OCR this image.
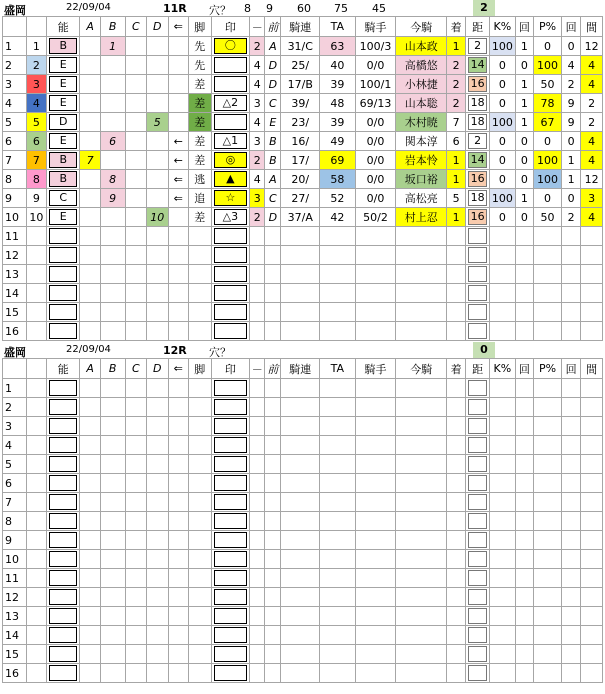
盛岡	22/09/04	11R 穴？ 8 9 60 75 45	2
		能	A	B	C	D	⇐	脚	印	－	前	騎連	TA	騎手	今騎	着	距	K%	回	P%	回	間
1	1	B		1				先	〇	2	A	31/C	63	100/3	山本政	1	2	100	1	0	0	12
2	2	E						先		4	D	25/	40	0/0	高橋悠	2	14	0	0	100	4	4
3	3	E						差		4	D	17/B	39	100/1	小林捷	2	16	0	1	50	2	4
4	4	E						差	△2	3	C	39/	48	69/13	山本聡	2	18	0	1	78	9	2
5	5	D				5		差		4	E	23/	39	0/0	木村暁	7	18	100	1	67	9	2
6	6	E		6			←	差	△1	3	B	16/	49	0/0	関本淳	6	2	0	0	0	0	4
7	7	B	7				←	差	◎	2	B	17/	69	0/0	岩本怜	1	14	0	0	100	1	4
8	8	B		8			⇐	逃	▲	4	A	20/	58	0/0	坂口裕	1	16	0	0	100	1	12
9	9	C		9			⇐	追	☆	3	C	27/	52	0/0	高松亮	5	18	100	1	0	0	3
10	10	E				10		差	△3	2	D	37/A	42	50/2	村上忍	1	16	0	0	50	2	4
11		

12		

13		

14		

15		

16		

盛岡	22/09/04	12R 穴？	0
		能	A	B	C	D	⇐	脚	印	－	前	騎連	TA	騎手	今騎	着	距	K%	回	P%	回	間
1		

2		

3		

4		

5		

6		

7		

8		

9		

10		

11		

12		

13		

14		

15		

16		
